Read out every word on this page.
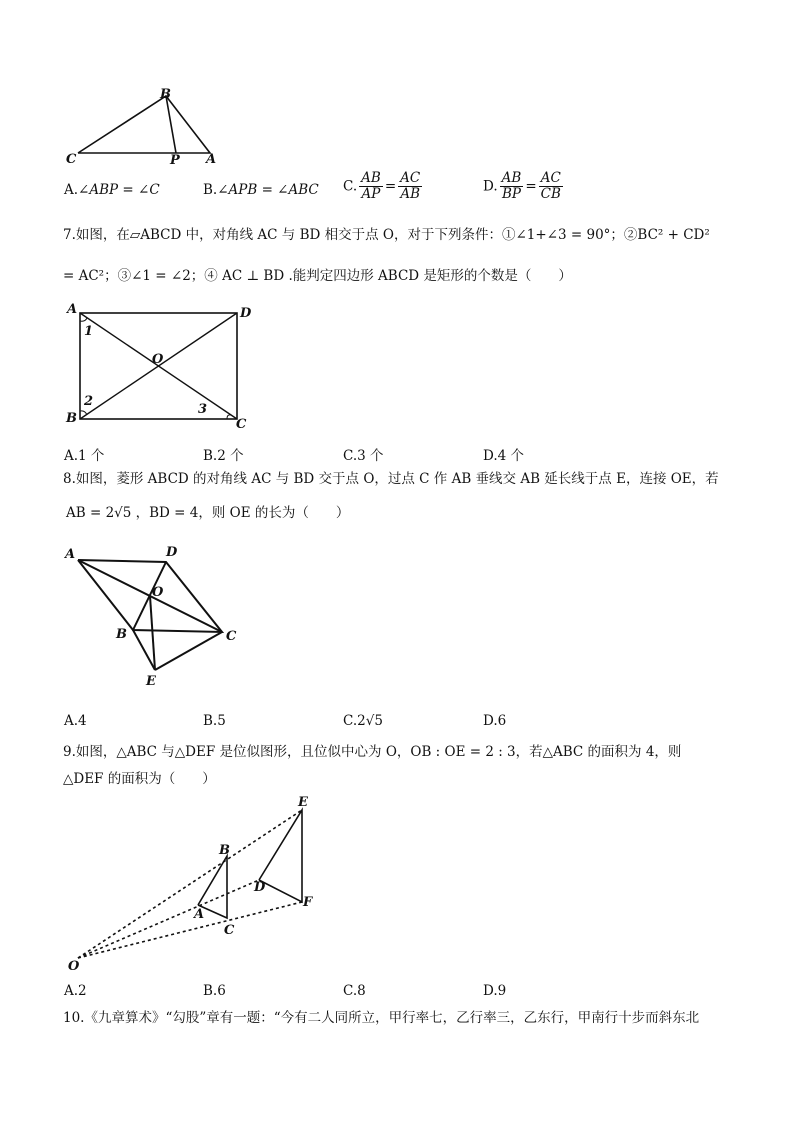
B
C	P A
A.∠ABP = ∠C	B.∠APB = ∠ABC C. $\frac{AB}{AP} = \frac{AC}{AB}$	D. $\frac{AB}{BP} = \frac{AC}{CB}$
7.如图，在▱ABCD 中，对角线 AC 与 BD 相交于点 O，对于下列条件：①∠1+∠3 = 90°；②BC² + CD²
= AC²；③∠1 = ∠2；④ AC ⊥ BD .能判定四边形 ABCD 是矩形的个数是（　　）
A	D
B	C
O
1
2
3
A.1 个	B.2 个	C.3 个	D.4 个
8.如图，菱形 ABCD 的对角线 AC 与 BD 交于点 O，过点 C 作 AB 垂线交 AB 延长线于点 E，连接 OE，若
AB = 2√5 ，BD = 4，则 OE 的长为（　　）
A	D
O
B	C
E
A.4	B.5	C.2√5	D.6
9.如图，△ABC 与△DEF 是位似图形，且位似中心为 O，OB : OE = 2 : 3，若△ABC 的面积为 4，则
△DEF 的面积为（　　）
O
A
B
C
D
E
F
A.2	B.6	C.8	D.9
10.《九章算术》“勾股”章有一题：“今有二人同所立，甲行率七，乙行率三，乙东行，甲南行十步而斜东北
